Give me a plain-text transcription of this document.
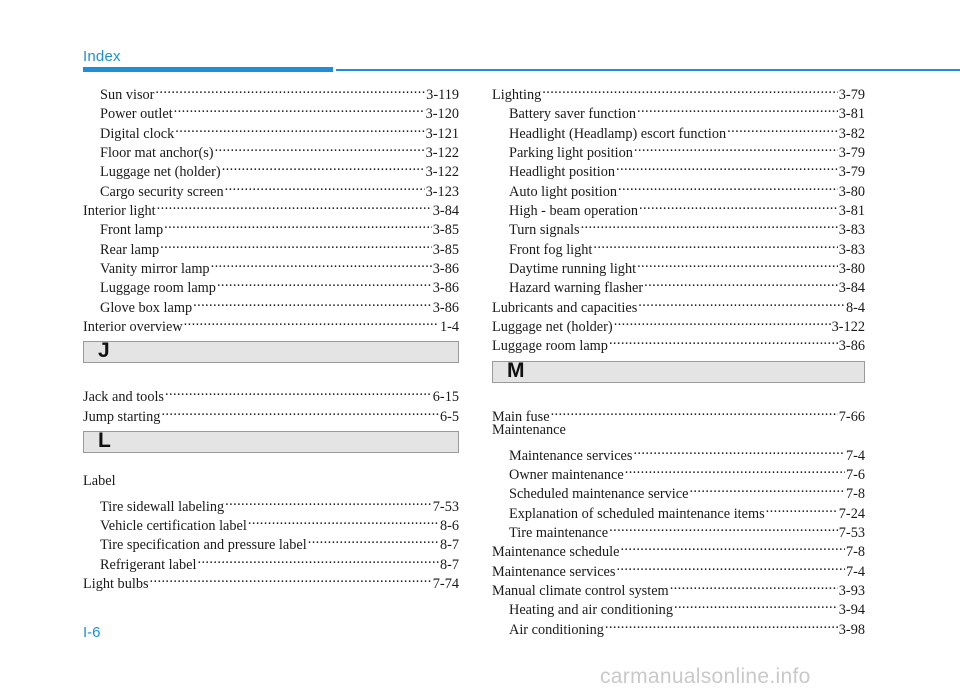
Index
Sun visor .....	3-119
Power outlet .....	3-120
Digital clock .....	3-121
Floor mat anchor(s) .....	3-122
Luggage net (holder) .....	3-122
Cargo security screen .....	3-123
Interior light .....	3-84
Front lamp .....	3-85
Rear lamp .....	3-85
Vanity mirror lamp .....	3-86
Luggage room lamp .....	3-86
Glove box lamp .....	3-86
Interior overview .....	1-4
J
Jack and tools .....	6-15
Jump starting .....	6-5
L
Label
Tire sidewall labeling .....	7-53
Vehicle certification label .....	8-6
Tire specification and pressure label .....	8-7
Refrigerant label .....	8-7
Light bulbs .....	7-74
Lighting .....	3-79
Battery saver function .....	3-81
Headlight (Headlamp) escort function .....	3-82
Parking light position .....	3-79
Headlight position .....	3-79
Auto light position .....	3-80
High - beam operation .....	3-81
Turn signals .....	3-83
Front fog light .....	3-83
Daytime running light .....	3-80
Hazard warning flasher .....	3-84
Lubricants and capacities .....	8-4
Luggage net (holder) .....	3-122
Luggage room lamp .....	3-86
M
Main fuse .....	7-66
Maintenance
Maintenance services .....	7-4
Owner maintenance .....	7-6
Scheduled maintenance service .....	7-8
Explanation of scheduled maintenance items .....	7-24
Tire maintenance .....	7-53
Maintenance schedule .....	7-8
Maintenance services .....	7-4
Manual climate control system .....	3-93
Heating and air conditioning .....	3-94
Air conditioning .....	3-98
I-6
carmanualsonline.info
